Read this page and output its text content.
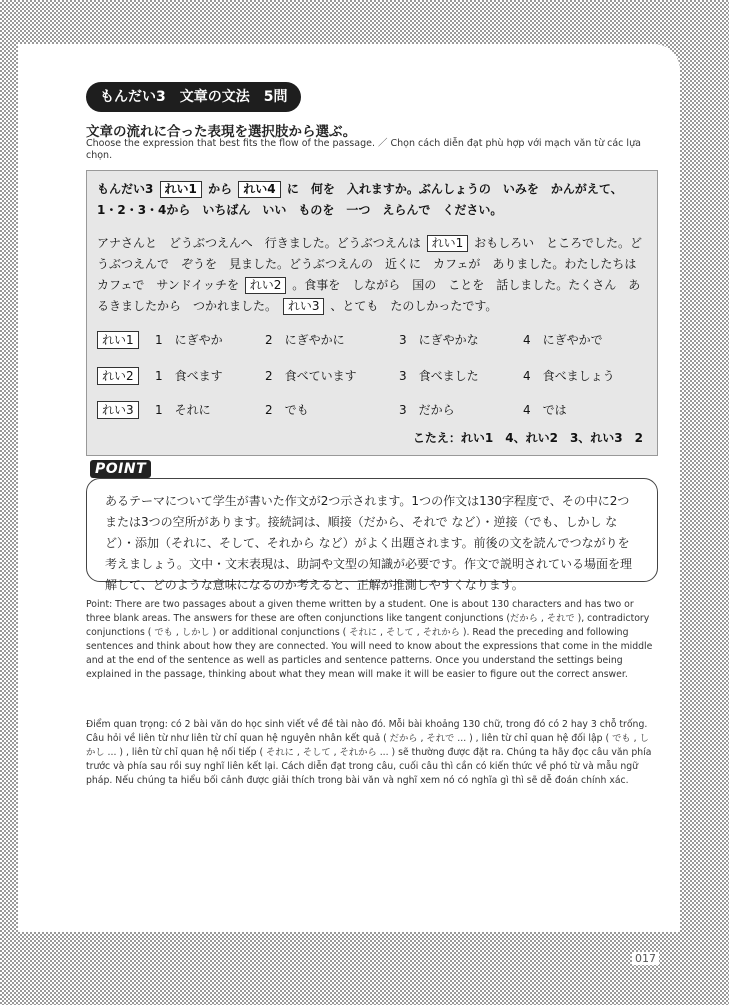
もんだい3　文章の文法　5問
文章の流れに合った表現を選択肢から選ぶ。
Choose the expression that best fits the flow of the passage. ／ Chọn cách diễn đạt phù hợp với mạch văn từ các lựa chọn.
もんだい3 れい1 から れい4 に　何を　入れますか。ぶんしょうの　いみを　かんがえて、
1・2・3・4から　いちばん　いい　ものを　一つ　えらんで　ください。
アナさんと　どうぶつえんへ　行きました。どうぶつえんは れい1 おもしろい　ところでした。どうぶつえんで　ぞうを　見ました。どうぶつえんの　近くに　カフェが　ありました。わたしたちは　カフェで　サンドイッチを れい2 。食事を　しながら　国の　ことを　話しました。たくさん　あるきましたから　つかれました。 れい3 、とても　たのしかったです。
れい1	1　にぎやか	2　にぎやかに	3　にぎやかな	4　にぎやかで
れい2	1　食べます	2　食べています	3　食べました	4　食べましょう
れい3	1　それに	2　でも	3　だから	4　では
こたえ：れい1　4、れい2　3、れい3　2
POINT
あるテーマについて学生が書いた作文が2つ示されます。1つの作文は130字程度で、その中に2つまたは3つの空所があります。接続詞は、順接（だから、それで など）・逆接（でも、しかし など）・添加（それに、そして、それから など）がよく出題されます。前後の文を読んでつながりを考えましょう。文中・文末表現は、助詞や文型の知識が必要です。作文で説明されている場面を理解して、どのような意味になるのか考えると、正解が推測しやすくなります。
Point: There are two passages about a given theme written by a student. One is about 130 characters and has two or three blank areas. The answers for these are often conjunctions like tangent conjunctions (だから , それで ), contradictory conjunctions ( でも , しかし ) or additional conjunctions ( それに , そして , それから ). Read the preceding and following sentences and think about how they are connected. You will need to know about the expressions that come in the middle and at the end of the sentence as well as particles and sentence patterns. Once you understand the settings being explained in the passage, thinking about what they mean will make it will be easier to figure out the correct answer.
Điểm quan trọng: có 2 bài văn do học sinh viết về đề tài nào đó. Mỗi bài khoảng 130 chữ, trong đó có 2 hay 3 chỗ trống. Câu hỏi về liên từ như liên từ chỉ quan hệ nguyên nhân kết quả ( だから , それで ... ) , liên từ chỉ quan hệ đối lập ( でも , しかし ... ) , liên từ chỉ quan hệ nối tiếp ( それに , そして , それから ... ) sẽ thường được đặt ra. Chúng ta hãy đọc câu văn phía trước và phía sau rồi suy nghĩ liên kết lại. Cách diễn đạt trong câu, cuối câu thì cần có kiến thức về phó từ và mẫu ngữ pháp. Nếu chúng ta hiểu bối cảnh được giải thích trong bài văn và nghĩ xem nó có nghĩa gì thì sẽ dễ đoán chính xác.
017
